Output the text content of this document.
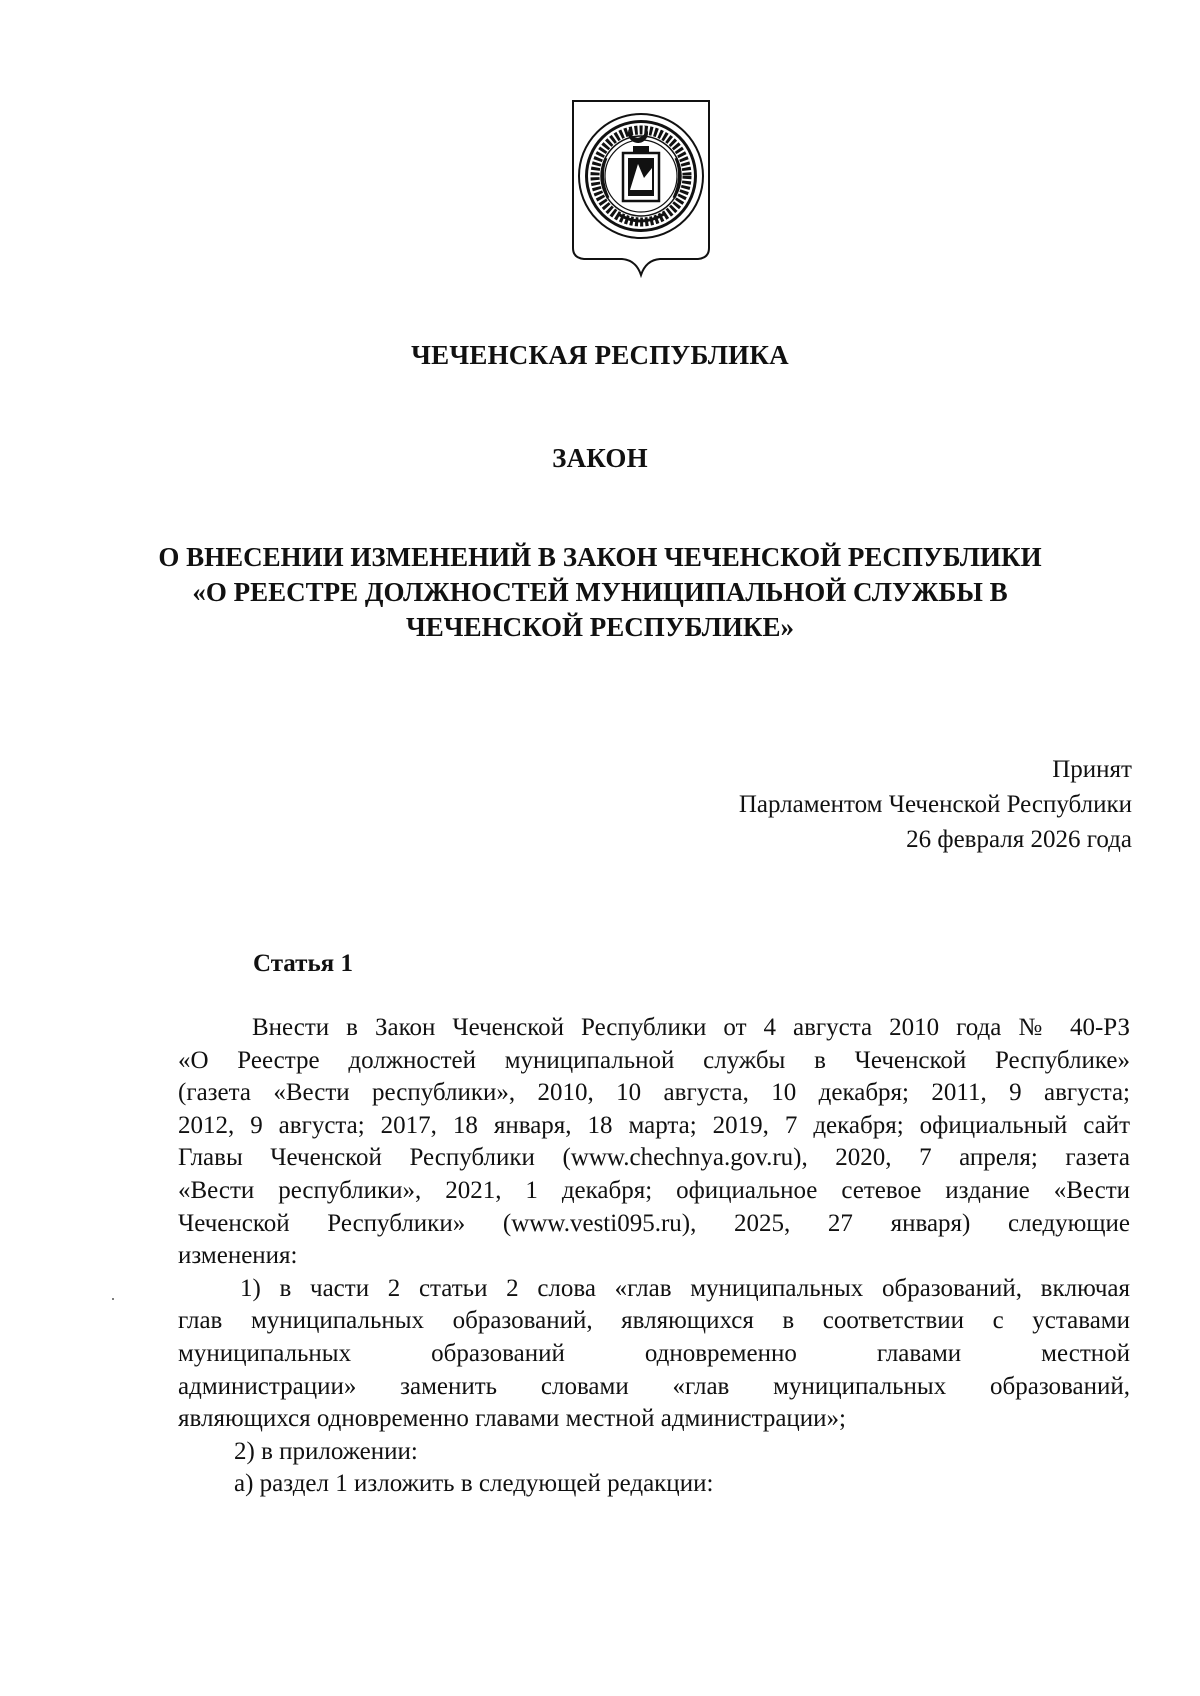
ЧЕЧЕНСКАЯ РЕСПУБЛИКА
ЗАКОН
О ВНЕСЕНИИ ИЗМЕНЕНИЙ В ЗАКОН ЧЕЧЕНСКОЙ РЕСПУБЛИКИ
«О РЕЕСТРЕ ДОЛЖНОСТЕЙ МУНИЦИПАЛЬНОЙ СЛУЖБЫ В
ЧЕЧЕНСКОЙ РЕСПУБЛИКЕ»
Принят
Парламентом Чеченской Республики
26 февраля 2026 года
Статья 1
Внести в Закон Чеченской Республики от 4 августа 2010 года № 40-РЗ
«О Реестре должностей муниципальной службы в Чеченской Республике»
(газета «Вести республики», 2010, 10 августа, 10 декабря; 2011, 9 августа;
2012, 9 августа; 2017, 18 января, 18 марта; 2019, 7 декабря; официальный сайт
Главы Чеченской Республики (www.chechnya.gov.ru), 2020, 7 апреля; газета
«Вести республики», 2021, 1 декабря; официальное сетевое издание «Вести
Чеченской Республики» (www.vesti095.ru), 2025, 27 января) следующие
изменения:
1) в части 2 статьи 2 слова «глав муниципальных образований, включая
глав муниципальных образований, являющихся в соответствии с уставами
муниципальных образований одновременно главами местной
администрации» заменить словами «глав муниципальных образований,
являющихся одновременно главами местной администрации»;
2) в приложении:
а) раздел 1 изложить в следующей редакции:
